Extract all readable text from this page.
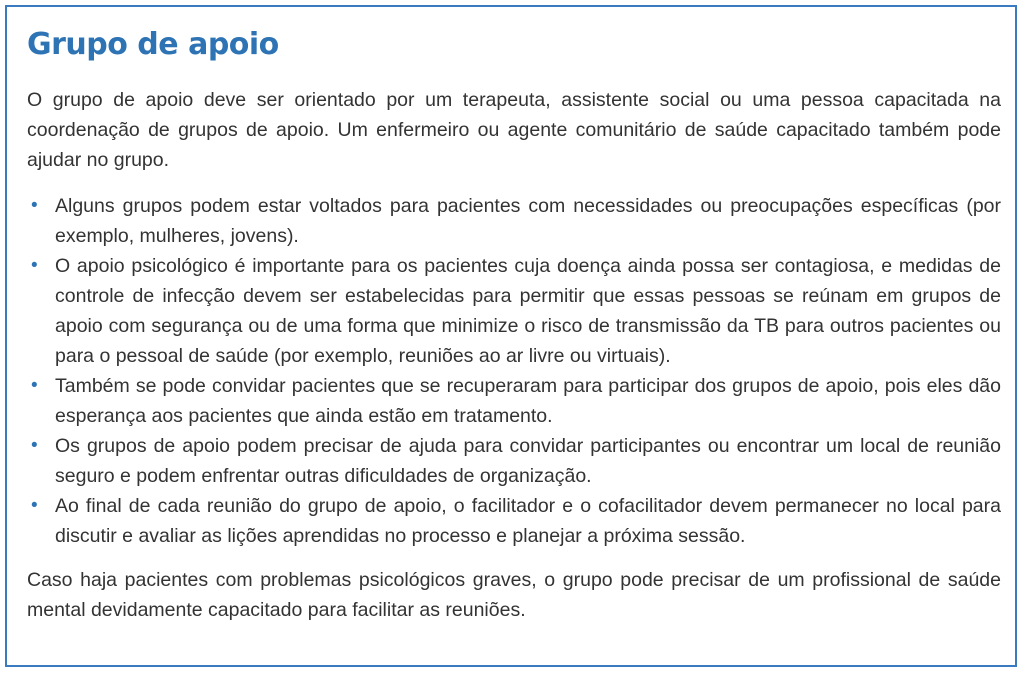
Grupo de apoio

O grupo de apoio deve ser orientado por um terapeuta, assistente social ou uma pessoa capacitada na coordenação de grupos de apoio. Um enfermeiro ou agente comunitário de saúde capacitado também pode ajudar no grupo.

• Alguns grupos podem estar voltados para pacientes com necessidades ou preocupações específicas (por exemplo, mulheres, jovens).
• O apoio psicológico é importante para os pacientes cuja doença ainda possa ser contagiosa, e medidas de controle de infecção devem ser estabelecidas para permitir que essas pessoas se reúnam em grupos de apoio com segurança ou de uma forma que minimize o risco de transmissão da TB para outros pacientes ou para o pessoal de saúde (por exemplo, reuniões ao ar livre ou virtuais).
• Também se pode convidar pacientes que se recuperaram para participar dos grupos de apoio, pois eles dão esperança aos pacientes que ainda estão em tratamento.
• Os grupos de apoio podem precisar de ajuda para convidar participantes ou encontrar um local de reunião seguro e podem enfrentar outras dificuldades de organização.
• Ao final de cada reunião do grupo de apoio, o facilitador e o cofacilitador devem permanecer no local para discutir e avaliar as lições aprendidas no processo e planejar a próxima sessão.

Caso haja pacientes com problemas psicológicos graves, o grupo pode precisar de um profissional de saúde mental devidamente capacitado para facilitar as reuniões.
